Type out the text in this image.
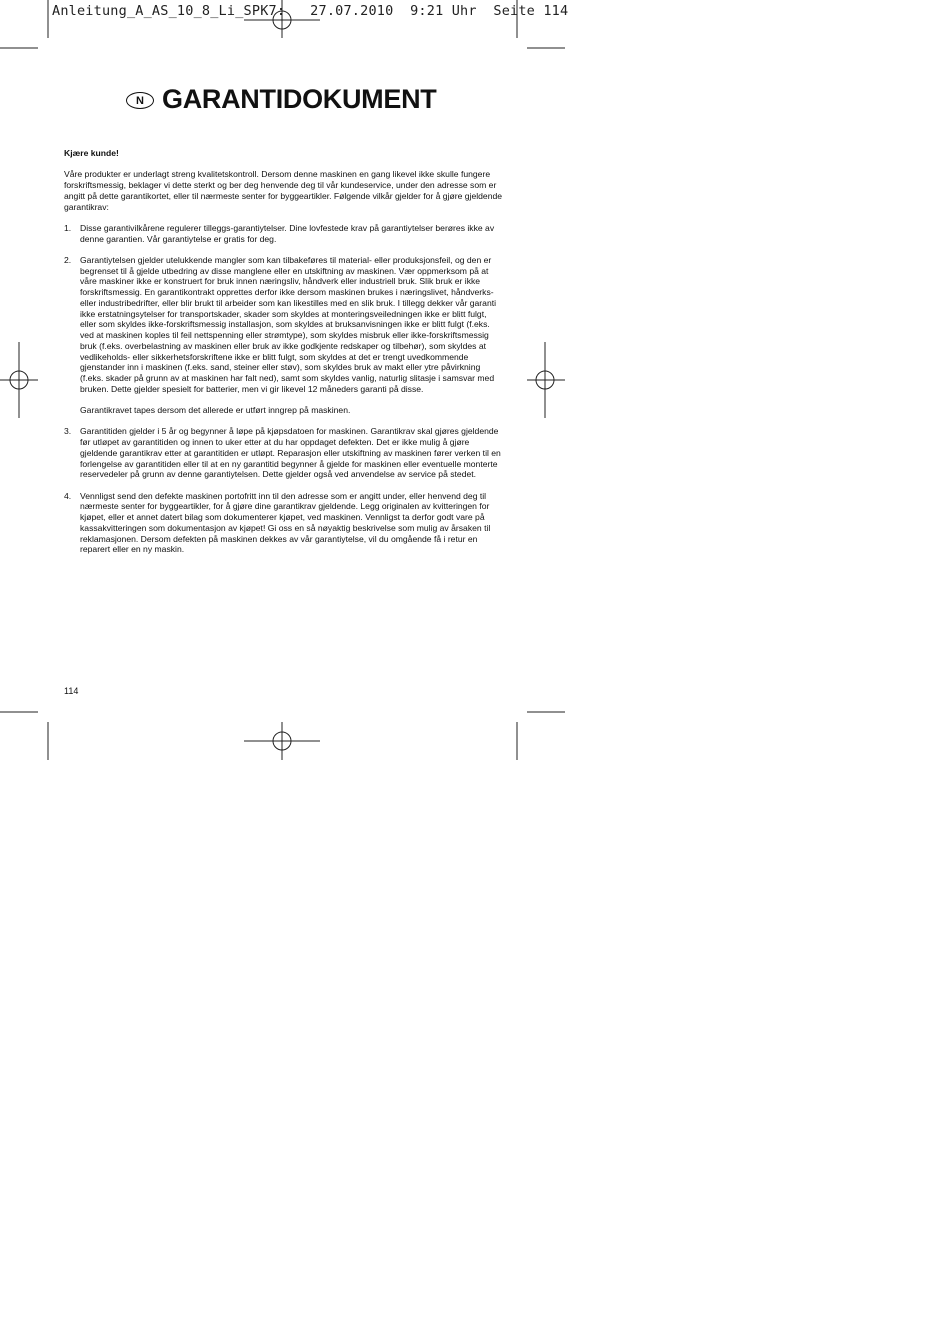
Anleitung_A_AS_10_8_Li_SPK7:   27.07.2010  9:21 Uhr  Seite 114
N GARANTIDOKUMENT

Kjære kunde!

Våre produkter er underlagt streng kvalitetskontroll. Dersom denne maskinen en gang likevel ikke skulle fungere forskriftsmessig, beklager vi dette sterkt og ber deg henvende deg til vår kundeservice, under den adresse som er angitt på dette garantikortet, eller til nærmeste senter for byggeartikler. Følgende vilkår gjelder for å gjøre gjeldende garantikrav:

1. Disse garantivilkårene regulerer tilleggs-garantiytelser. Dine lovfestede krav på garantiytelser berøres ikke av denne garantien. Vår garantiytelse er gratis for deg.

2. Garantiytelsen gjelder utelukkende mangler som kan tilbakeføres til material- eller produksjonsfeil, og den er begrenset til å gjelde utbedring av disse manglene eller en utskiftning av maskinen. Vær oppmerksom på at våre maskiner ikke er konstruert for bruk innen næringsliv, håndverk eller industriell bruk. Slik bruk er ikke forskriftsmessig. En garantikontrakt opprettes derfor ikke dersom maskinen brukes i næringslivet, håndverks- eller industribedrifter, eller blir brukt til arbeider som kan likestilles med en slik bruk. I tillegg dekker vår garanti ikke erstatningsytelser for transportskader, skader som skyldes at monteringsveiledningen ikke er blitt fulgt, eller som skyldes ikke-forskriftsmessig installasjon, som skyldes at bruksanvisningen ikke er blitt fulgt (f.eks. ved at maskinen koples til feil nettspenning eller strømtype), som skyldes misbruk eller ikke-forskriftsmessig bruk (f.eks. overbelastning av maskinen eller bruk av ikke godkjente redskaper og tilbehør), som skyldes at vedlikeholds- eller sikkerhetsforskriftene ikke er blitt fulgt, som skyldes at det er trengt uvedkommende gjenstander inn i maskinen (f.eks. sand, steiner eller støv), som skyldes bruk av makt eller ytre påvirkning (f.eks. skader på grunn av at maskinen har falt ned), samt som skyldes vanlig, naturlig slitasje i samsvar med bruken. Dette gjelder spesielt for batterier, men vi gir likevel 12 måneders garanti på disse.

Garantikravet tapes dersom det allerede er utført inngrep på maskinen.

3. Garantitiden gjelder i 5 år og begynner å løpe på kjøpsdatoen for maskinen. Garantikrav skal gjøres gjeldende før utløpet av garantitiden og innen to uker etter at du har oppdaget defekten. Det er ikke mulig å gjøre gjeldende garantikrav etter at garantitiden er utløpt. Reparasjon eller utskiftning av maskinen fører verken til en forlengelse av garantitiden eller til at en ny garantitid begynner å gjelde for maskinen eller eventuelle monterte reservedeler på grunn av denne garantiytelsen. Dette gjelder også ved anvendelse av service på stedet.

4. Vennligst send den defekte maskinen portofritt inn til den adresse som er angitt under, eller henvend deg til nærmeste senter for byggeartikler, for å gjøre dine garantikrav gjeldende. Legg originalen av kvitteringen for kjøpet, eller et annet datert bilag som dokumenterer kjøpet, ved maskinen. Vennligst ta derfor godt vare på kassakvitteringen som dokumentasjon av kjøpet! Gi oss en så nøyaktig beskrivelse som mulig av årsaken til reklamasjonen. Dersom defekten på maskinen dekkes av vår garantiytelse, vil du omgående få i retur en reparert eller en ny maskin.

114
